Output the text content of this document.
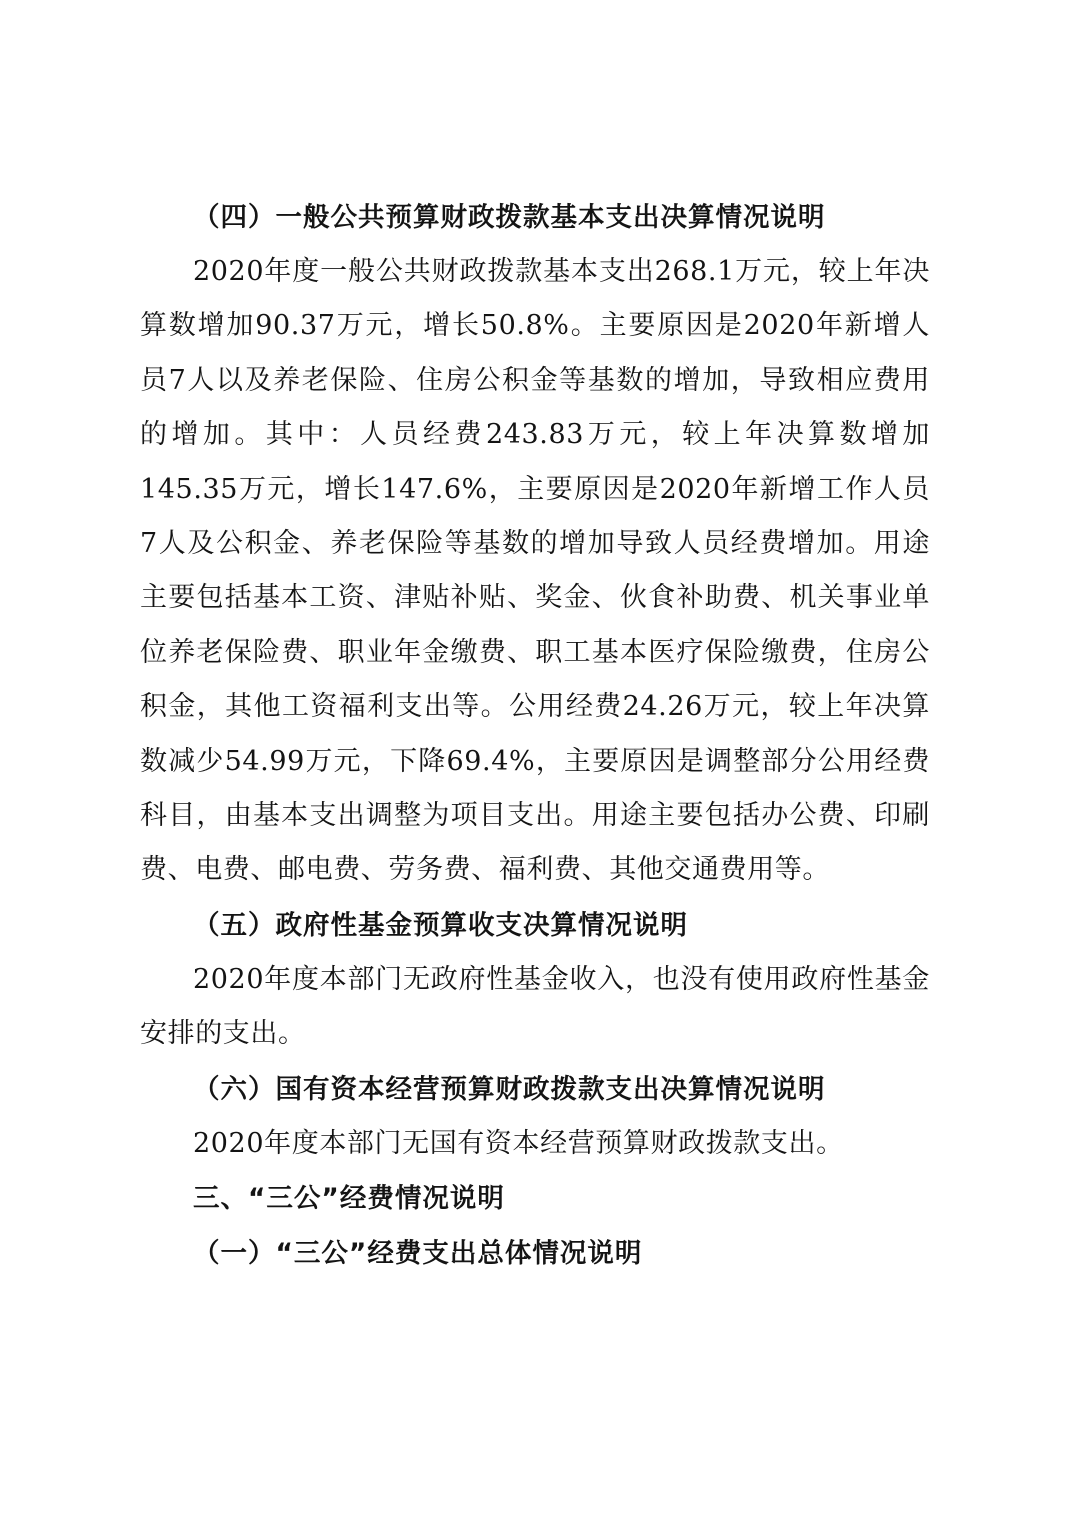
（四）一般公共预算财政拨款基本支出决算情况说明

2020年度一般公共财政拨款基本支出268.1万元，较上年决算数增加90.37万元，增长50.8%。主要原因是2020年新增人员7人以及养老保险、住房公积金等基数的增加，导致相应费用的增加。其中：人员经费243.83万元，较上年决算数增加145.35万元，增长147.6%，主要原因是2020年新增工作人员7人及公积金、养老保险等基数的增加导致人员经费增加。用途主要包括基本工资、津贴补贴、奖金、伙食补助费、机关事业单位养老保险费、职业年金缴费、职工基本医疗保险缴费，住房公积金，其他工资福利支出等。公用经费24.26万元，较上年决算数减少54.99万元，下降69.4%，主要原因是调整部分公用经费科目，由基本支出调整为项目支出。用途主要包括办公费、印刷费、电费、邮电费、劳务费、福利费、其他交通费用等。

（五）政府性基金预算收支决算情况说明

2020年度本部门无政府性基金收入，也没有使用政府性基金安排的支出。

（六）国有资本经营预算财政拨款支出决算情况说明

2020年度本部门无国有资本经营预算财政拨款支出。

三、“三公”经费情况说明
（一）“三公”经费支出总体情况说明
